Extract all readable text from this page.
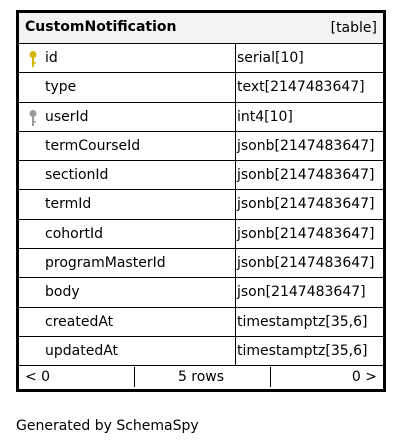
CustomNotification	[table]
id	serial[10]
type	text[2147483647]
userId	int4[10]
termCourseId	jsonb[2147483647]
sectionId	jsonb[2147483647]
termId	jsonb[2147483647]
cohortId	jsonb[2147483647]
programMasterId	jsonb[2147483647]
body	json[2147483647]
createdAt	timestamptz[35,6]
updatedAt	timestamptz[35,6]
< 0	5 rows	0 >
Generated by SchemaSpy
